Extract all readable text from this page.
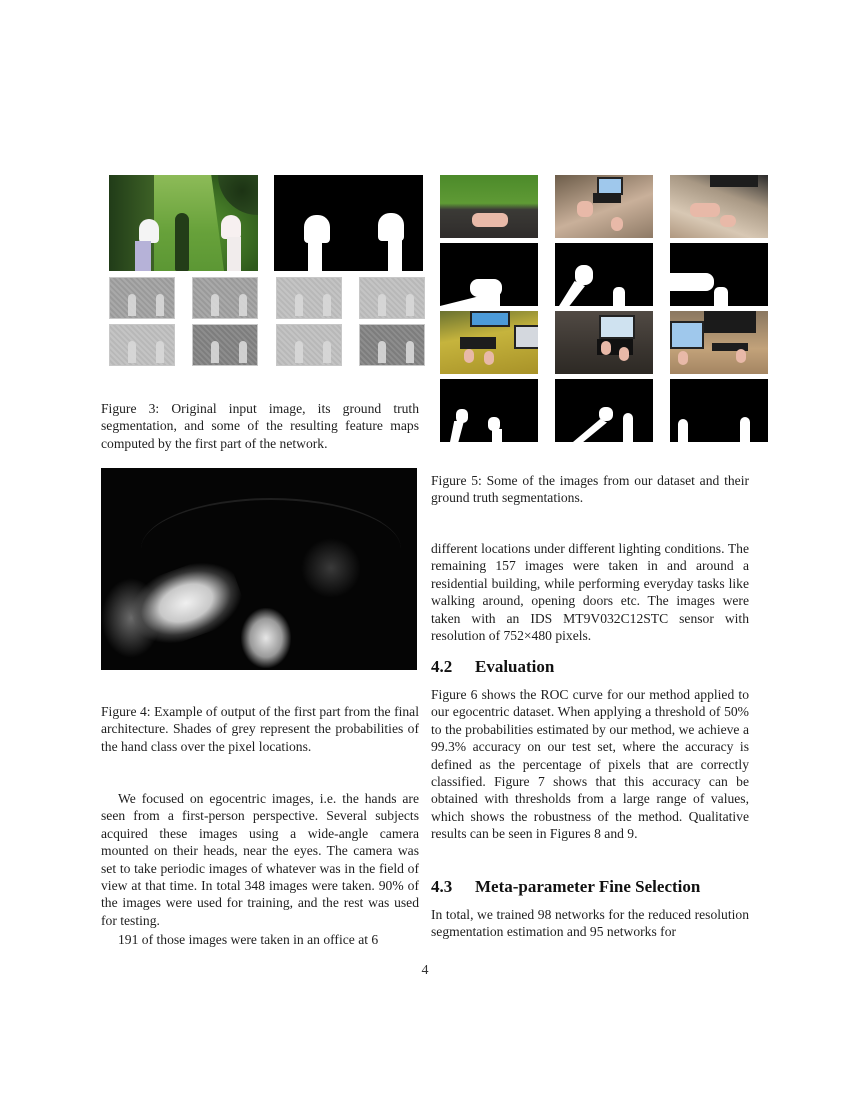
Figure 3: Original input image, its ground truth segmentation, and some of the resulting feature maps computed by the first part of the network.
Figure 5: Some of the images from our dataset and their ground truth segmentations.
Figure 4: Example of output of the first part from the final architecture. Shades of grey represent the probabilities of the hand class over the pixel locations.

We focused on egocentric images, i.e. the hands are seen from a first-person perspective. Several subjects acquired these images using a wide-angle camera mounted on their heads, near the eyes. The camera was set to take periodic images of whatever was in the field of view at that time. In total 348 images were taken. 90% of the images were used for training, and the rest was used for testing.

191 of those images were taken in an office at 6

different locations under different lighting conditions. The remaining 157 images were taken in and around a residential building, while performing everyday tasks like walking around, opening doors etc. The images were taken with an IDS MT9V032C12STC sensor with resolution of 752×480 pixels.
4.2 Evaluation
Figure 6 shows the ROC curve for our method applied to our egocentric dataset. When applying a threshold of 50% to the probabilities estimated by our method, we achieve a 99.3% accuracy on our test set, where the accuracy is defined as the percentage of pixels that are correctly classified. Figure 7 shows that this accuracy can be obtained with thresholds from a large range of values, which shows the robustness of the method. Qualitative results can be seen in Figures 8 and 9.
4.3 Meta-parameter Fine Selection
In total, we trained 98 networks for the reduced resolution segmentation estimation and 95 networks for
4
